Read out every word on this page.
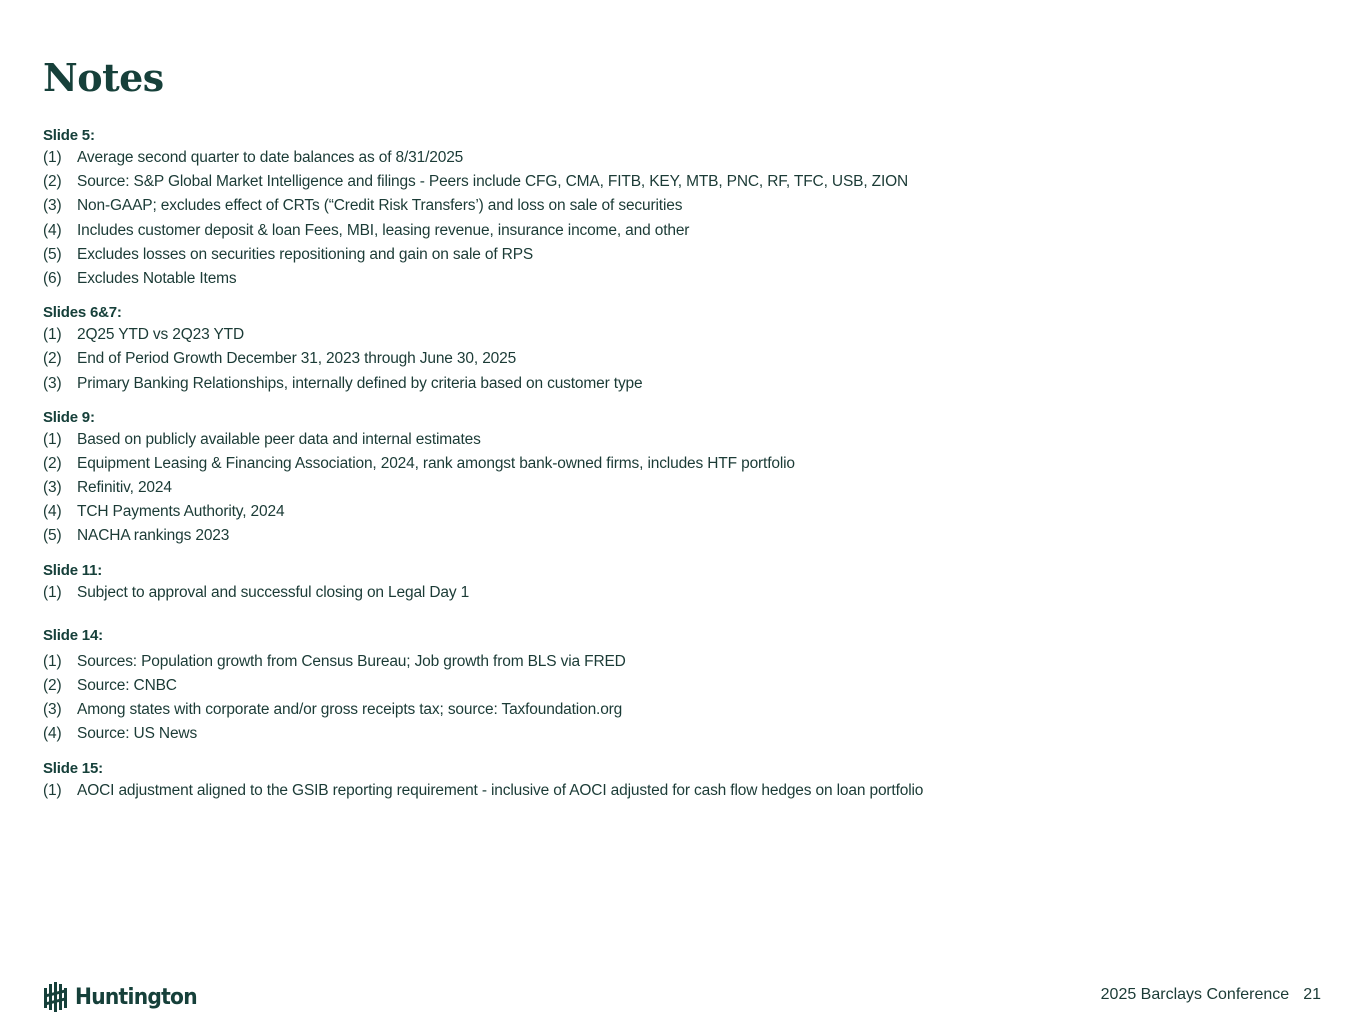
Notes
Slide 5:
(1)	Average second quarter to date balances as of 8/31/2025
(2)	Source: S&P Global Market Intelligence and filings - Peers include CFG, CMA, FITB, KEY, MTB, PNC, RF, TFC, USB, ZION
(3)	Non-GAAP; excludes effect of CRTs (“Credit Risk Transfers’) and loss on sale of securities
(4)	Includes customer deposit & loan Fees, MBI, leasing revenue, insurance income, and other
(5)	Excludes losses on securities repositioning and gain on sale of RPS
(6)	Excludes Notable Items
Slides 6&7:
(1)	2Q25 YTD vs 2Q23 YTD
(2)	End of Period Growth December 31, 2023 through June 30, 2025
(3)	Primary Banking Relationships, internally defined by criteria based on customer type
Slide 9:
(1)	Based on publicly available peer data and internal estimates
(2)	Equipment Leasing & Financing Association, 2024, rank amongst bank-owned firms, includes HTF portfolio
(3)	Refinitiv, 2024
(4)	TCH Payments Authority, 2024
(5)	NACHA rankings 2023
Slide 11:
(1)	Subject to approval and successful closing on Legal Day 1
Slide 14:
(1)	Sources: Population growth from Census Bureau; Job growth from BLS via FRED
(2)	Source: CNBC
(3)	Among states with corporate and/or gross receipts tax; source: Taxfoundation.org
(4)	Source: US News
Slide 15:
(1)	AOCI adjustment aligned to the GSIB reporting requirement - inclusive of AOCI adjusted for cash flow hedges on loan portfolio
Huntington	2025 Barclays Conference 21
